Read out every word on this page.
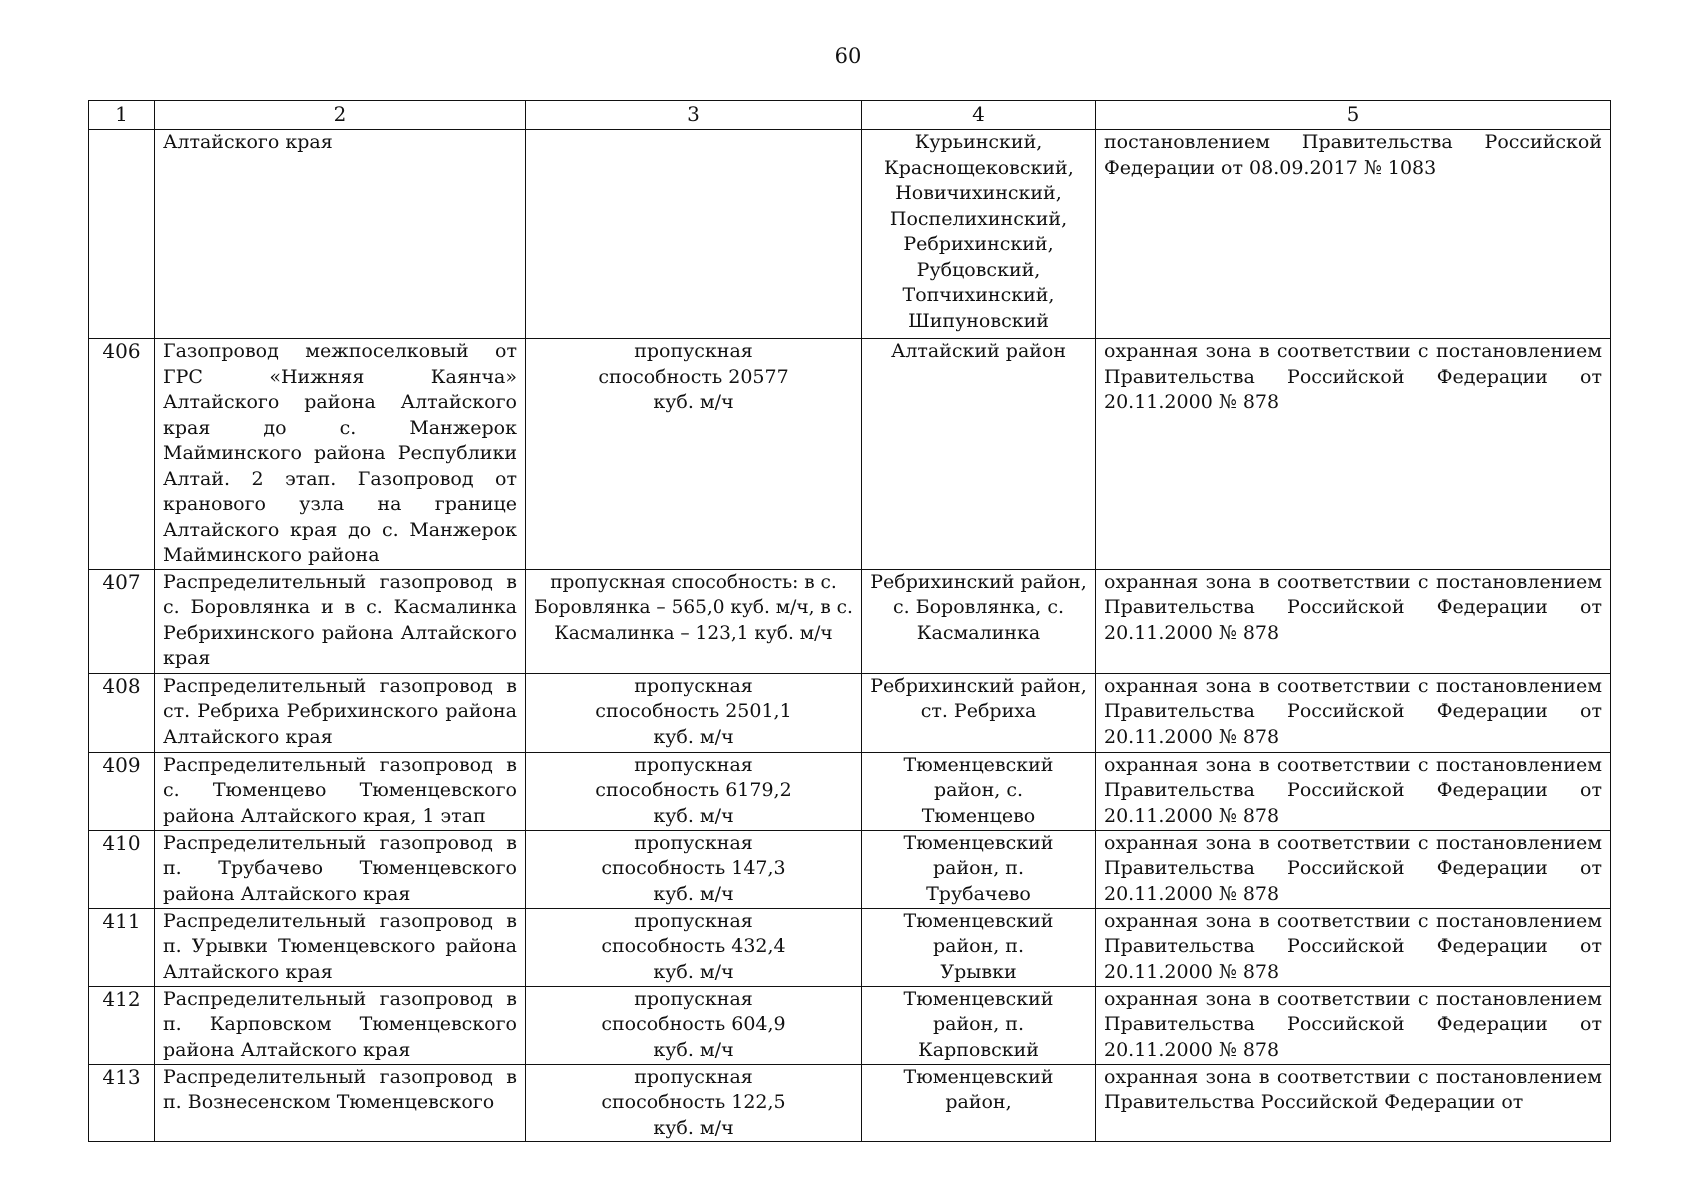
60
1	2	3	4	5
	Алтайского края		Курьинский, Краснощековский, Новичихинский, Поспелихинский, Ребрихинский, Рубцовский, Топчихинский, Шипуновский	постановлением Правительства Российской Федерации от 08.09.2017 № 1083
406	Газопровод межпоселковый от ГРС «Нижняя Каянча» Алтайского района Алтайского края до с. Манжерок Майминского района Республики Алтай. 2 этап. Газопровод от кранового узла на границе Алтайского края до с. Манжерок Майминского района	пропускная способность 20577 куб. м/ч	Алтайский район	охранная зона в соответствии с постановлением Правительства Российской Федерации от 20.11.2000 № 878
407	Распределительный газопровод в с. Боровлянка и в с. Касмалинка Ребрихинского района Алтайского края	пропускная способность: в с. Боровлянка – 565,0 куб. м/ч, в с. Касмалинка – 123,1 куб. м/ч	Ребрихинский район, с. Боровлянка, с. Касмалинка	охранная зона в соответствии с постановлением Правительства Российской Федерации от 20.11.2000 № 878
408	Распределительный газопровод в ст. Ребриха Ребрихинского района Алтайского края	пропускная способность 2501,1 куб. м/ч	Ребрихинский район, ст. Ребриха	охранная зона в соответствии с постановлением Правительства Российской Федерации от 20.11.2000 № 878
409	Распределительный газопровод в с. Тюменцево Тюменцевского района Алтайского края, 1 этап	пропускная способность 6179,2 куб. м/ч	Тюменцевский район, с. Тюменцево	охранная зона в соответствии с постановлением Правительства Российской Федерации от 20.11.2000 № 878
410	Распределительный газопровод в п. Трубачево Тюменцевского района Алтайского края	пропускная способность 147,3 куб. м/ч	Тюменцевский район, п. Трубачево	охранная зона в соответствии с постановлением Правительства Российской Федерации от 20.11.2000 № 878
411	Распределительный газопровод в п. Урывки Тюменцевского района Алтайского края	пропускная способность 432,4 куб. м/ч	Тюменцевский район, п. Урывки	охранная зона в соответствии с постановлением Правительства Российской Федерации от 20.11.2000 № 878
412	Распределительный газопровод в п. Карповском Тюменцевского района Алтайского края	пропускная способность 604,9 куб. м/ч	Тюменцевский район, п. Карповский	охранная зона в соответствии с постановлением Правительства Российской Федерации от 20.11.2000 № 878
413	Распределительный газопровод в п. Вознесенском Тюменцевского	пропускная способность 122,5 куб. м/ч	Тюменцевский район,	охранная зона в соответствии с постановлением Правительства Российской Федерации от
